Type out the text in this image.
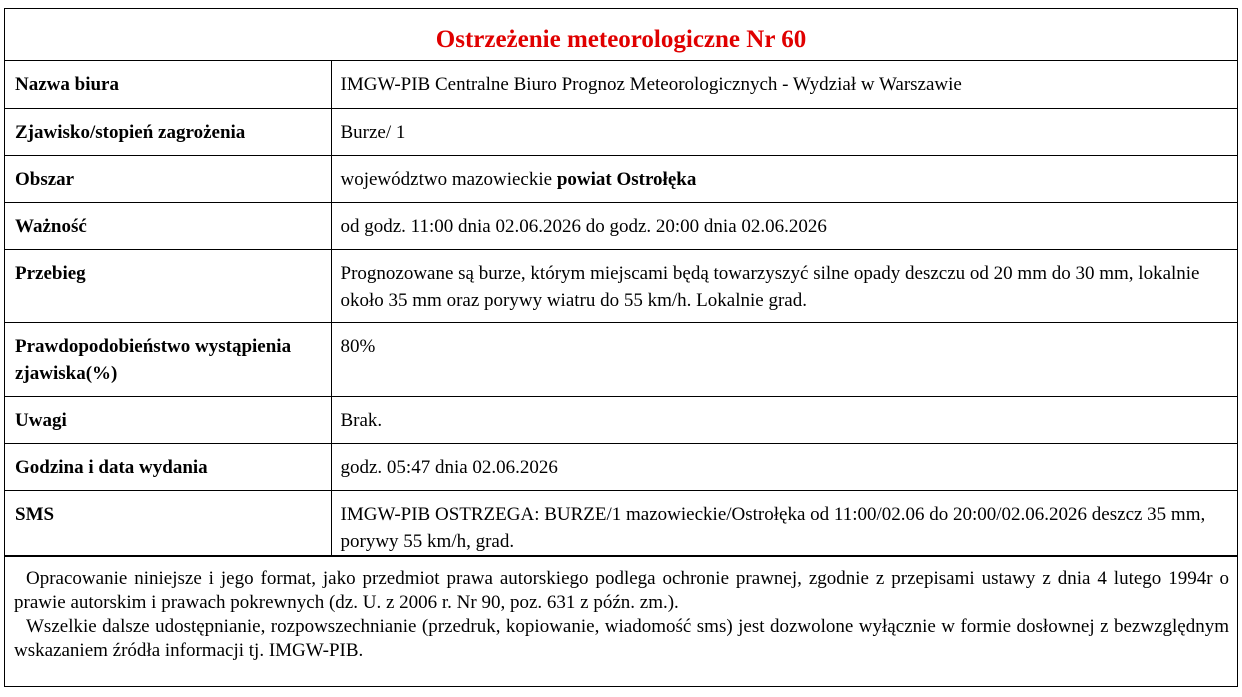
Ostrzeżenie meteorologiczne Nr 60
Nazwa biura	IMGW-PIB Centralne Biuro Prognoz Meteorologicznych - Wydział w Warszawie
Zjawisko/stopień zagrożenia	Burze/ 1
Obszar	województwo mazowieckie powiat Ostrołęka
Ważność	od godz. 11:00 dnia 02.06.2026 do godz. 20:00 dnia 02.06.2026
Przebieg	Prognozowane są burze, którym miejscami będą towarzyszyć silne opady deszczu od 20 mm do 30 mm, lokalnie około 35 mm oraz porywy wiatru do 55 km/h. Lokalnie grad.
Prawdopodobieństwo wystąpienia zjawiska(%)	80%
Uwagi	Brak.
Godzina i data wydania	godz. 05:47 dnia 02.06.2026
SMS	IMGW-PIB OSTRZEGA: BURZE/1 mazowieckie/Ostrołęka od 11:00/02.06 do 20:00/02.06.2026 deszcz 35 mm, porywy 55 km/h, grad.

Opracowanie niniejsze i jego format, jako przedmiot prawa autorskiego podlega ochronie prawnej, zgodnie z przepisami ustawy z dnia 4 lutego 1994r o prawie autorskim i prawach pokrewnych (dz. U. z 2006 r. Nr 90, poz. 631 z późn. zm.).

Wszelkie dalsze udostępnianie, rozpowszechnianie (przedruk, kopiowanie, wiadomość sms) jest dozwolone wyłącznie w formie dosłownej z bezwzględnym wskazaniem źródła informacji tj. IMGW-PIB.
